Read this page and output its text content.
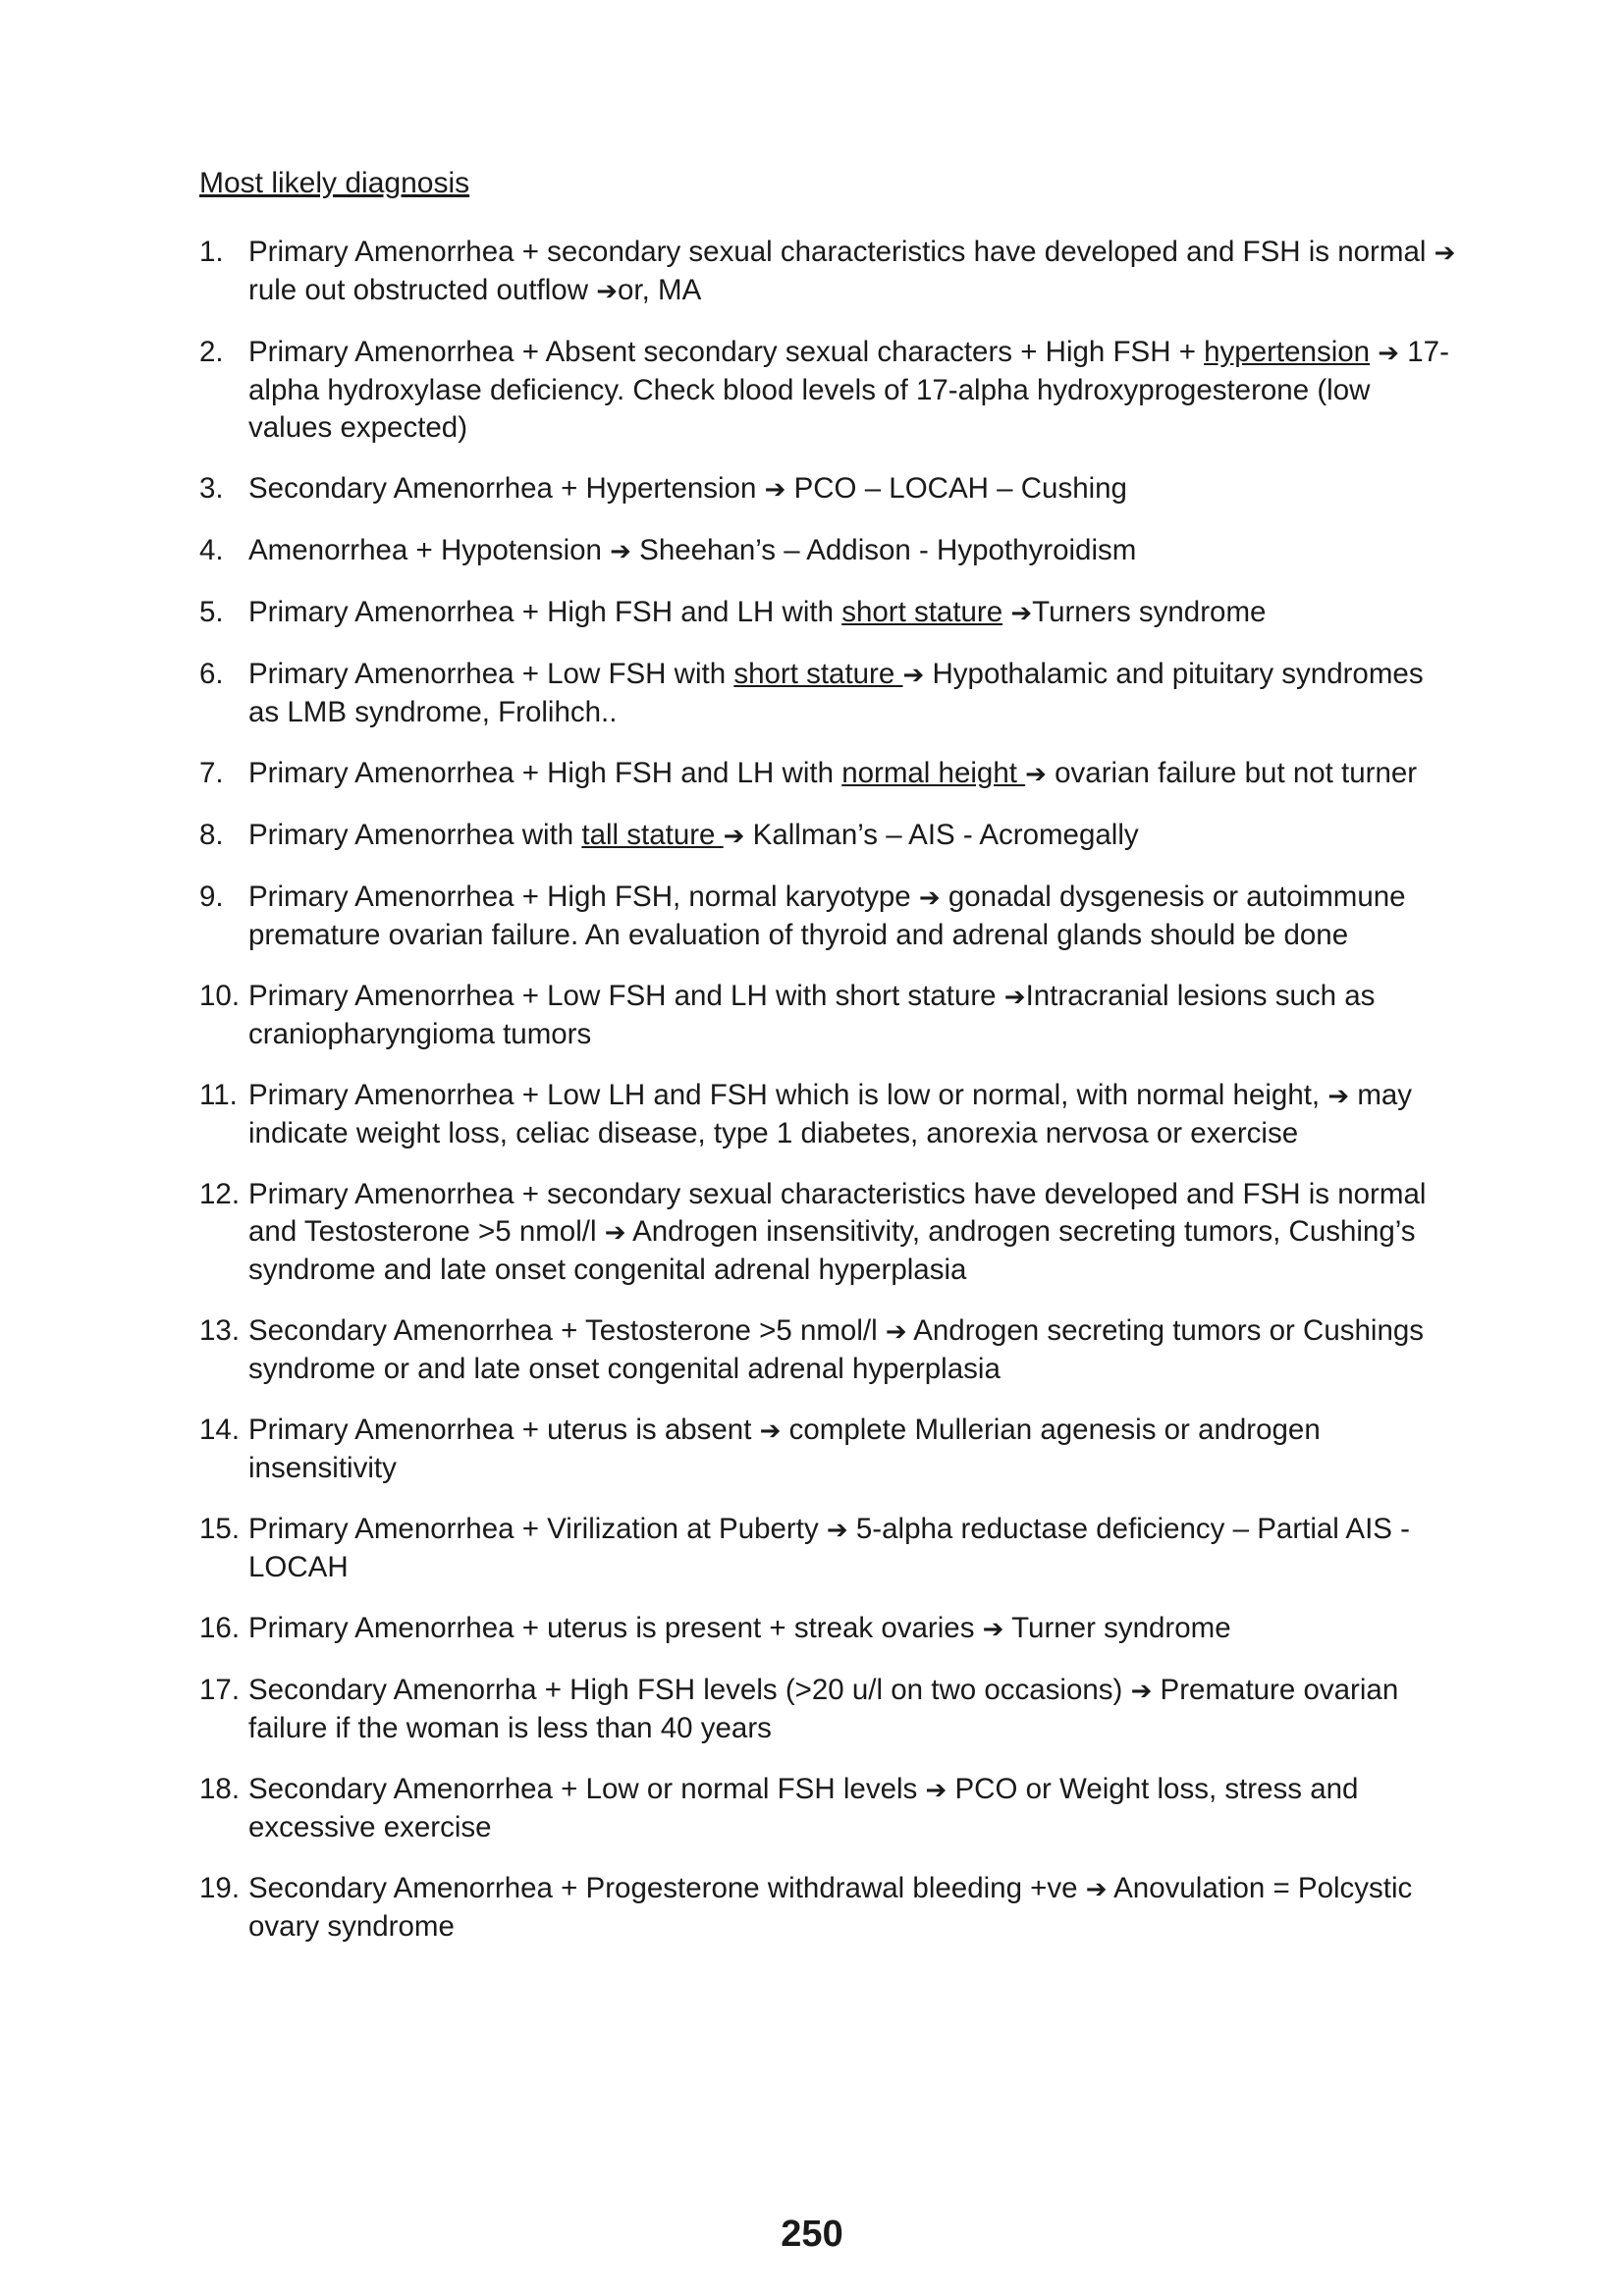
Most likely diagnosis
1. Primary Amenorrhea + secondary sexual characteristics have developed and FSH is normal ➔ rule out obstructed outflow ➔or, MA
2. Primary Amenorrhea + Absent secondary sexual characters + High FSH + hypertension ➔ 17-alpha hydroxylase deficiency. Check blood levels of 17-alpha hydroxyprogesterone (low values expected)
3. Secondary Amenorrhea + Hypertension ➔ PCO – LOCAH – Cushing
4. Amenorrhea + Hypotension ➔ Sheehan’s – Addison - Hypothyroidism
5. Primary Amenorrhea + High FSH and LH with short stature ➔Turners syndrome
6. Primary Amenorrhea + Low FSH with short stature ➔ Hypothalamic and pituitary syndromes as LMB syndrome, Frolihch..
7. Primary Amenorrhea + High FSH and LH with normal height ➔ ovarian failure but not turner
8. Primary Amenorrhea with tall stature ➔ Kallman’s – AIS - Acromegally
9. Primary Amenorrhea + High FSH, normal karyotype ➔ gonadal dysgenesis or autoimmune premature ovarian failure. An evaluation of thyroid and adrenal glands should be done
10. Primary Amenorrhea + Low FSH and LH with short stature ➔Intracranial lesions such as craniopharyngioma tumors
11. Primary Amenorrhea + Low LH and FSH which is low or normal, with normal height, ➔ may indicate weight loss, celiac disease, type 1 diabetes, anorexia nervosa or exercise
12. Primary Amenorrhea + secondary sexual characteristics have developed and FSH is normal and Testosterone >5 nmol/l ➔ Androgen insensitivity, androgen secreting tumors, Cushing’s syndrome and late onset congenital adrenal hyperplasia
13. Secondary Amenorrhea + Testosterone >5 nmol/l ➔ Androgen secreting tumors or Cushings syndrome or and late onset congenital adrenal hyperplasia
14. Primary Amenorrhea + uterus is absent ➔ complete Mullerian agenesis or androgen insensitivity
15. Primary Amenorrhea + Virilization at Puberty ➔ 5-alpha reductase deficiency – Partial AIS - LOCAH
16. Primary Amenorrhea + uterus is present + streak ovaries ➔ Turner syndrome
17. Secondary Amenorrha + High FSH levels (>20 u/l on two occasions) ➔ Premature ovarian failure if the woman is less than 40 years
18. Secondary Amenorrhea + Low or normal FSH levels ➔ PCO or Weight loss, stress and excessive exercise
19. Secondary Amenorrhea + Progesterone withdrawal bleeding +ve ➔ Anovulation = Polcystic ovary syndrome
250
